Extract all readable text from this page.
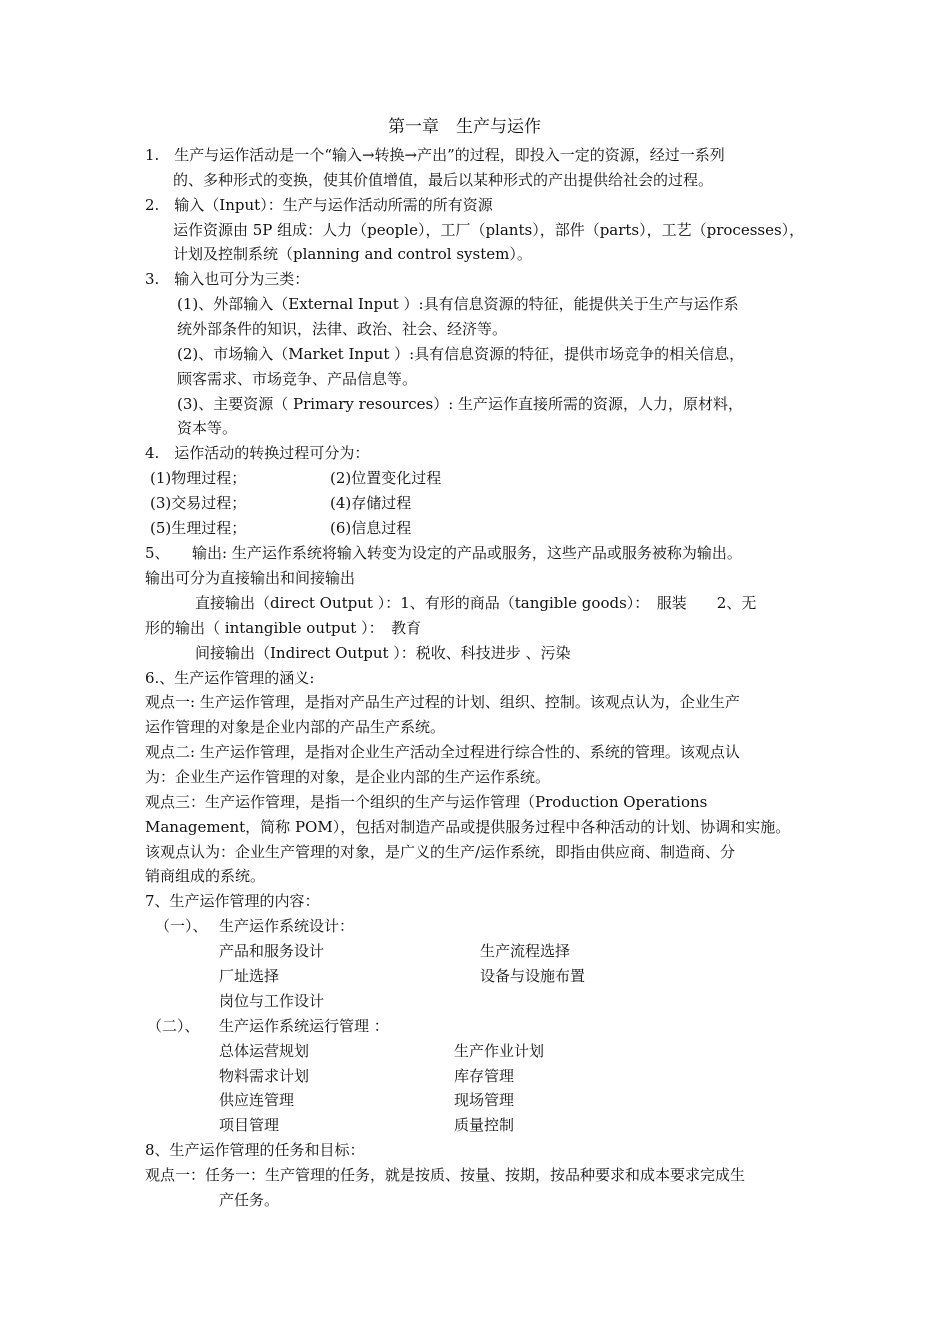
第一章　生产与运作
1.　生产与运作活动是一个“输入→转换→产出”的过程，即投入一定的资源，经过一系列
的、多种形式的变换，使其价值增值，最后以某种形式的产出提供给社会的过程。
2.　输入（Input）：生产与运作活动所需的所有资源
运作资源由 5P 组成：人力（people），工厂（plants），部件（parts），工艺（processes），
计划及控制系统（planning and control system）。
3.　输入也可分为三类：
(1)、外部输入（External Input ）:具有信息资源的特征，能提供关于生产与运作系
统外部条件的知识，法律、政治、社会、经济等。
(2)、市场输入（Market Input ）:具有信息资源的特征，提供市场竞争的相关信息，
顾客需求、市场竞争、产品信息等。
(3)、主要资源（ Primary resources）: 生产运作直接所需的资源，人力，原材料，
资本等。
4.　运作活动的转换过程可分为：
(1)物理过程；	(2)位置变化过程
(3)交易过程；	(4)存储过程
(5)生理过程；	(6)信息过程
5、　　输出: 生产运作系统将输入转变为设定的产品或服务，这些产品或服务被称为输出。
输出可分为直接输出和间接输出
直接输出（direct Output ）：1、有形的商品（tangible goods）：　服装　　2、无
形的输出（ intangible output ）：　教育
间接输出（Indirect Output ）：税收、科技进步 、污染
6.、生产运作管理的涵义:
观点一: 生产运作管理，是指对产品生产过程的计划、组织、控制。该观点认为，企业生产
运作管理的对象是企业内部的产品生产系统。
观点二: 生产运作管理，是指对企业生产活动全过程进行综合性的、系统的管理。该观点认
为：企业生产运作管理的对象，是企业内部的生产运作系统。
观点三：生产运作管理，是指一个组织的生产与运作管理（Production Operations
Management，简称 POM），包括对制造产品或提供服务过程中各种活动的计划、协调和实施。
该观点认为：企业生产管理的对象，是广义的生产/运作系统，即指由供应商、制造商、分
销商组成的系统。
7、生产运作管理的内容：
（一）、 生产运作系统设计：
产品和服务设计	生产流程选择
厂址选择	设备与设施布置
岗位与工作设计
（二）、 生产运作系统运行管理 ：
总体运营规划	生产作业计划
物料需求计划	库存管理
供应连管理	现场管理
项目管理	质量控制
8、生产运作管理的任务和目标：
观点一：任务一：生产管理的任务，就是按质、按量、按期，按品种要求和成本要求完成生
产任务。
